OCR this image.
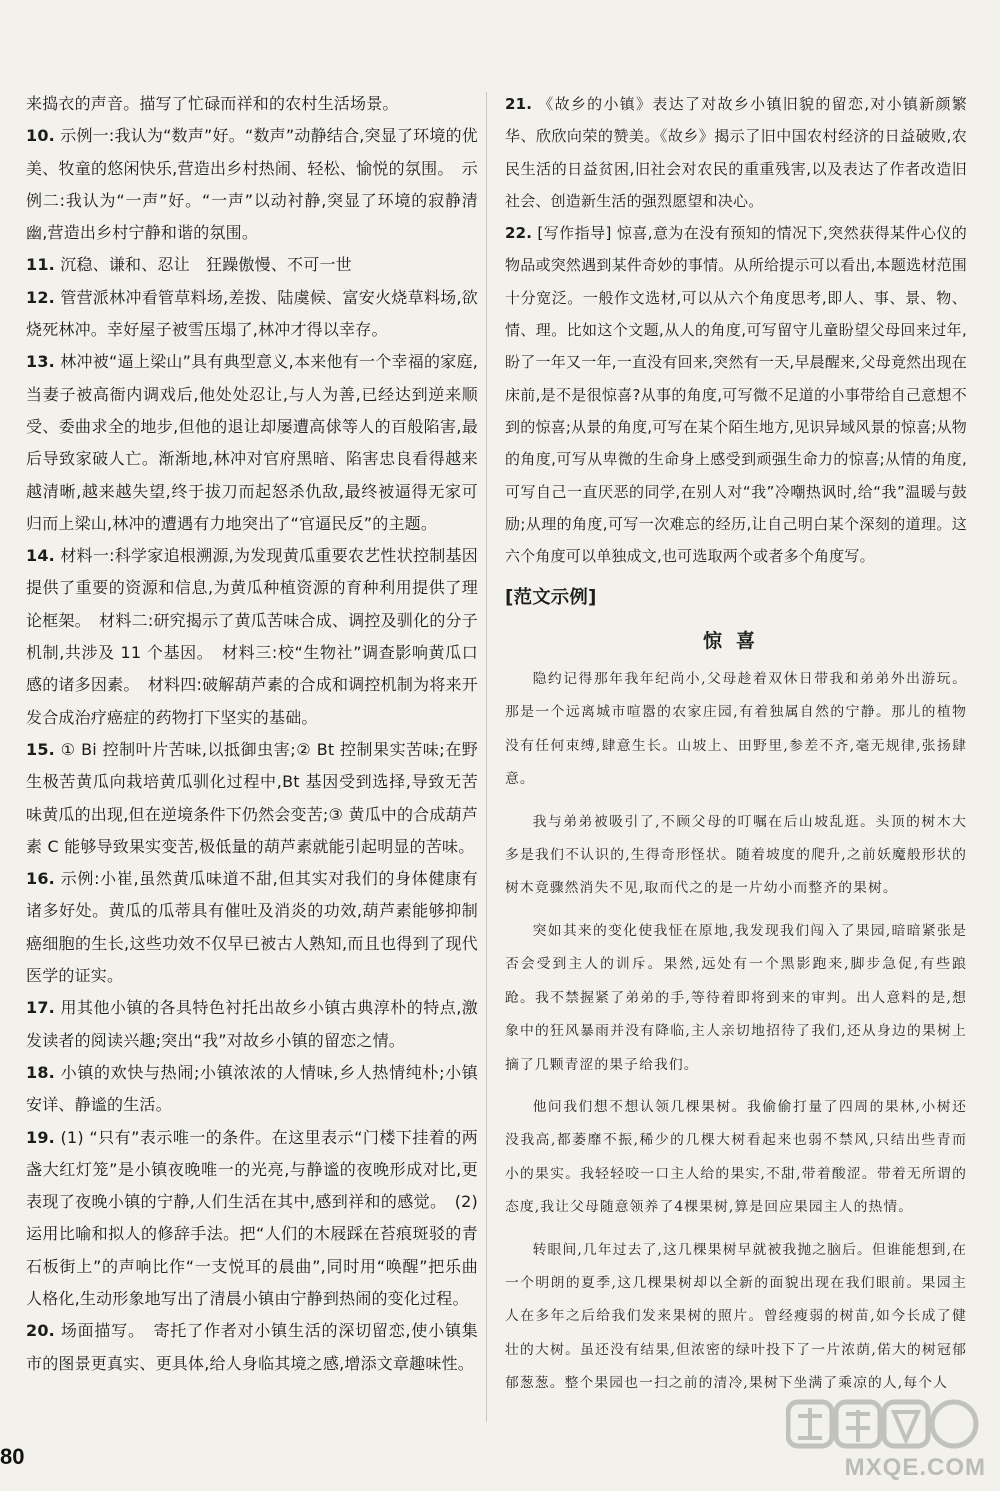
来捣衣的声音。描写了忙碌而祥和的农村生活场景。

10. 示例一:我认为“数声”好。“数声”动静结合,突显了环境的优美、牧童的悠闲快乐,营造出乡村热闹、轻松、愉悦的氛围。　示例二:我认为“一声”好。“一声”以动衬静,突显了环境的寂静清幽,营造出乡村宁静和谐的氛围。

11. 沉稳、谦和、忍让　狂躁傲慢、不可一世

12. 管营派林冲看管草料场,差拨、陆虞候、富安火烧草料场,欲烧死林冲。幸好屋子被雪压塌了,林冲才得以幸存。

13. 林冲被“逼上梁山”具有典型意义,本来他有一个幸福的家庭,当妻子被高衙内调戏后,他处处忍让,与人为善,已经达到逆来顺受、委曲求全的地步,但他的退让却屡遭高俅等人的百般陷害,最后导致家破人亡。渐渐地,林冲对官府黑暗、陷害忠良看得越来越清晰,越来越失望,终于拔刀而起怒杀仇敌,最终被逼得无家可归而上梁山,林冲的遭遇有力地突出了“官逼民反”的主题。

14. 材料一:科学家追根溯源,为发现黄瓜重要农艺性状控制基因提供了重要的资源和信息,为黄瓜种植资源的育种利用提供了理论框架。　材料二:研究揭示了黄瓜苦味合成、调控及驯化的分子机制,共涉及 11 个基因。　材料三:校“生物社”调查影响黄瓜口感的诸多因素。　材料四:破解葫芦素的合成和调控机制为将来开发合成治疗癌症的药物打下坚实的基础。

15. ① Bi 控制叶片苦味,以抵御虫害;② Bt 控制果实苦味;在野生极苦黄瓜向栽培黄瓜驯化过程中,Bt 基因受到选择,导致无苦味黄瓜的出现,但在逆境条件下仍然会变苦;③ 黄瓜中的合成葫芦素 C 能够导致果实变苦,极低量的葫芦素就能引起明显的苦味。

16. 示例:小崔,虽然黄瓜味道不甜,但其实对我们的身体健康有诸多好处。黄瓜的瓜蒂具有催吐及消炎的功效,葫芦素能够抑制癌细胞的生长,这些功效不仅早已被古人熟知,而且也得到了现代医学的证实。

17. 用其他小镇的各具特色衬托出故乡小镇古典淳朴的特点,激发读者的阅读兴趣;突出“我”对故乡小镇的留恋之情。

18. 小镇的欢快与热闹;小镇浓浓的人情味,乡人热情纯朴;小镇安详、静谧的生活。

19. (1) “只有”表示唯一的条件。在这里表示“门楼下挂着的两盏大红灯笼”是小镇夜晚唯一的光亮,与静谧的夜晚形成对比,更表现了夜晚小镇的宁静,人们生活在其中,感到祥和的感觉。　(2) 运用比喻和拟人的修辞手法。把“人们的木屐踩在苔痕斑驳的青石板街上”的声响比作“一支悦耳的晨曲”,同时用“唤醒”把乐曲人格化,生动形象地写出了清晨小镇由宁静到热闹的变化过程。

20. 场面描写。　寄托了作者对小镇生活的深切留恋,使小镇集市的图景更真实、更具体,给人身临其境之感,增添文章趣味性。

21. 《故乡的小镇》表达了对故乡小镇旧貌的留恋,对小镇新颜繁华、欣欣向荣的赞美。《故乡》揭示了旧中国农村经济的日益破败,农民生活的日益贫困,旧社会对农民的重重残害,以及表达了作者改造旧社会、创造新生活的强烈愿望和决心。

22. [写作指导] 惊喜,意为在没有预知的情况下,突然获得某件心仪的物品或突然遇到某件奇妙的事情。从所给提示可以看出,本题选材范围十分宽泛。一般作文选材,可以从六个角度思考,即人、事、景、物、情、理。比如这个文题,从人的角度,可写留守儿童盼望父母回来过年,盼了一年又一年,一直没有回来,突然有一天,早晨醒来,父母竟然出现在床前,是不是很惊喜?从事的角度,可写微不足道的小事带给自己意想不到的惊喜;从景的角度,可写在某个陌生地方,见识异域风景的惊喜;从物的角度,可写从卑微的生命身上感受到顽强生命力的惊喜;从情的角度,可写自己一直厌恶的同学,在别人对“我”冷嘲热讽时,给“我”温暖与鼓励;从理的角度,可写一次难忘的经历,让自己明白某个深刻的道理。这六个角度可以单独成文,也可选取两个或者多个角度写。

[范文示例]
惊喜

隐约记得那年我年纪尚小,父母趁着双休日带我和弟弟外出游玩。那是一个远离城市喧嚣的农家庄园,有着独属自然的宁静。那儿的植物没有任何束缚,肆意生长。山坡上、田野里,参差不齐,毫无规律,张扬肆意。

我与弟弟被吸引了,不顾父母的叮嘱在后山坡乱逛。头顶的树木大多是我们不认识的,生得奇形怪状。随着坡度的爬升,之前妖魔般形状的树木竟骤然消失不见,取而代之的是一片幼小而整齐的果树。

突如其来的变化使我怔在原地,我发现我们闯入了果园,暗暗紧张是否会受到主人的训斥。果然,远处有一个黑影跑来,脚步急促,有些踉跄。我不禁握紧了弟弟的手,等待着即将到来的审判。出人意料的是,想象中的狂风暴雨并没有降临,主人亲切地招待了我们,还从身边的果树上摘了几颗青涩的果子给我们。

他问我们想不想认领几棵果树。我偷偷打量了四周的果林,小树还没我高,都萎靡不振,稀少的几棵大树看起来也弱不禁风,只结出些青而小的果实。我轻轻咬一口主人给的果实,不甜,带着酸涩。带着无所谓的态度,我让父母随意领养了4棵果树,算是回应果园主人的热情。

转眼间,几年过去了,这几棵果树早就被我抛之脑后。但谁能想到,在一个明朗的夏季,这几棵果树却以全新的面貌出现在我们眼前。果园主人在多年之后给我们发来果树的照片。曾经瘦弱的树苗,如今长成了健壮的大树。虽还没有结果,但浓密的绿叶投下了一片浓荫,偌大的树冠郁郁葱葱。整个果园也一扫之前的清冷,果树下坐满了乘凉的人,每个人

80	MXQE.COM
